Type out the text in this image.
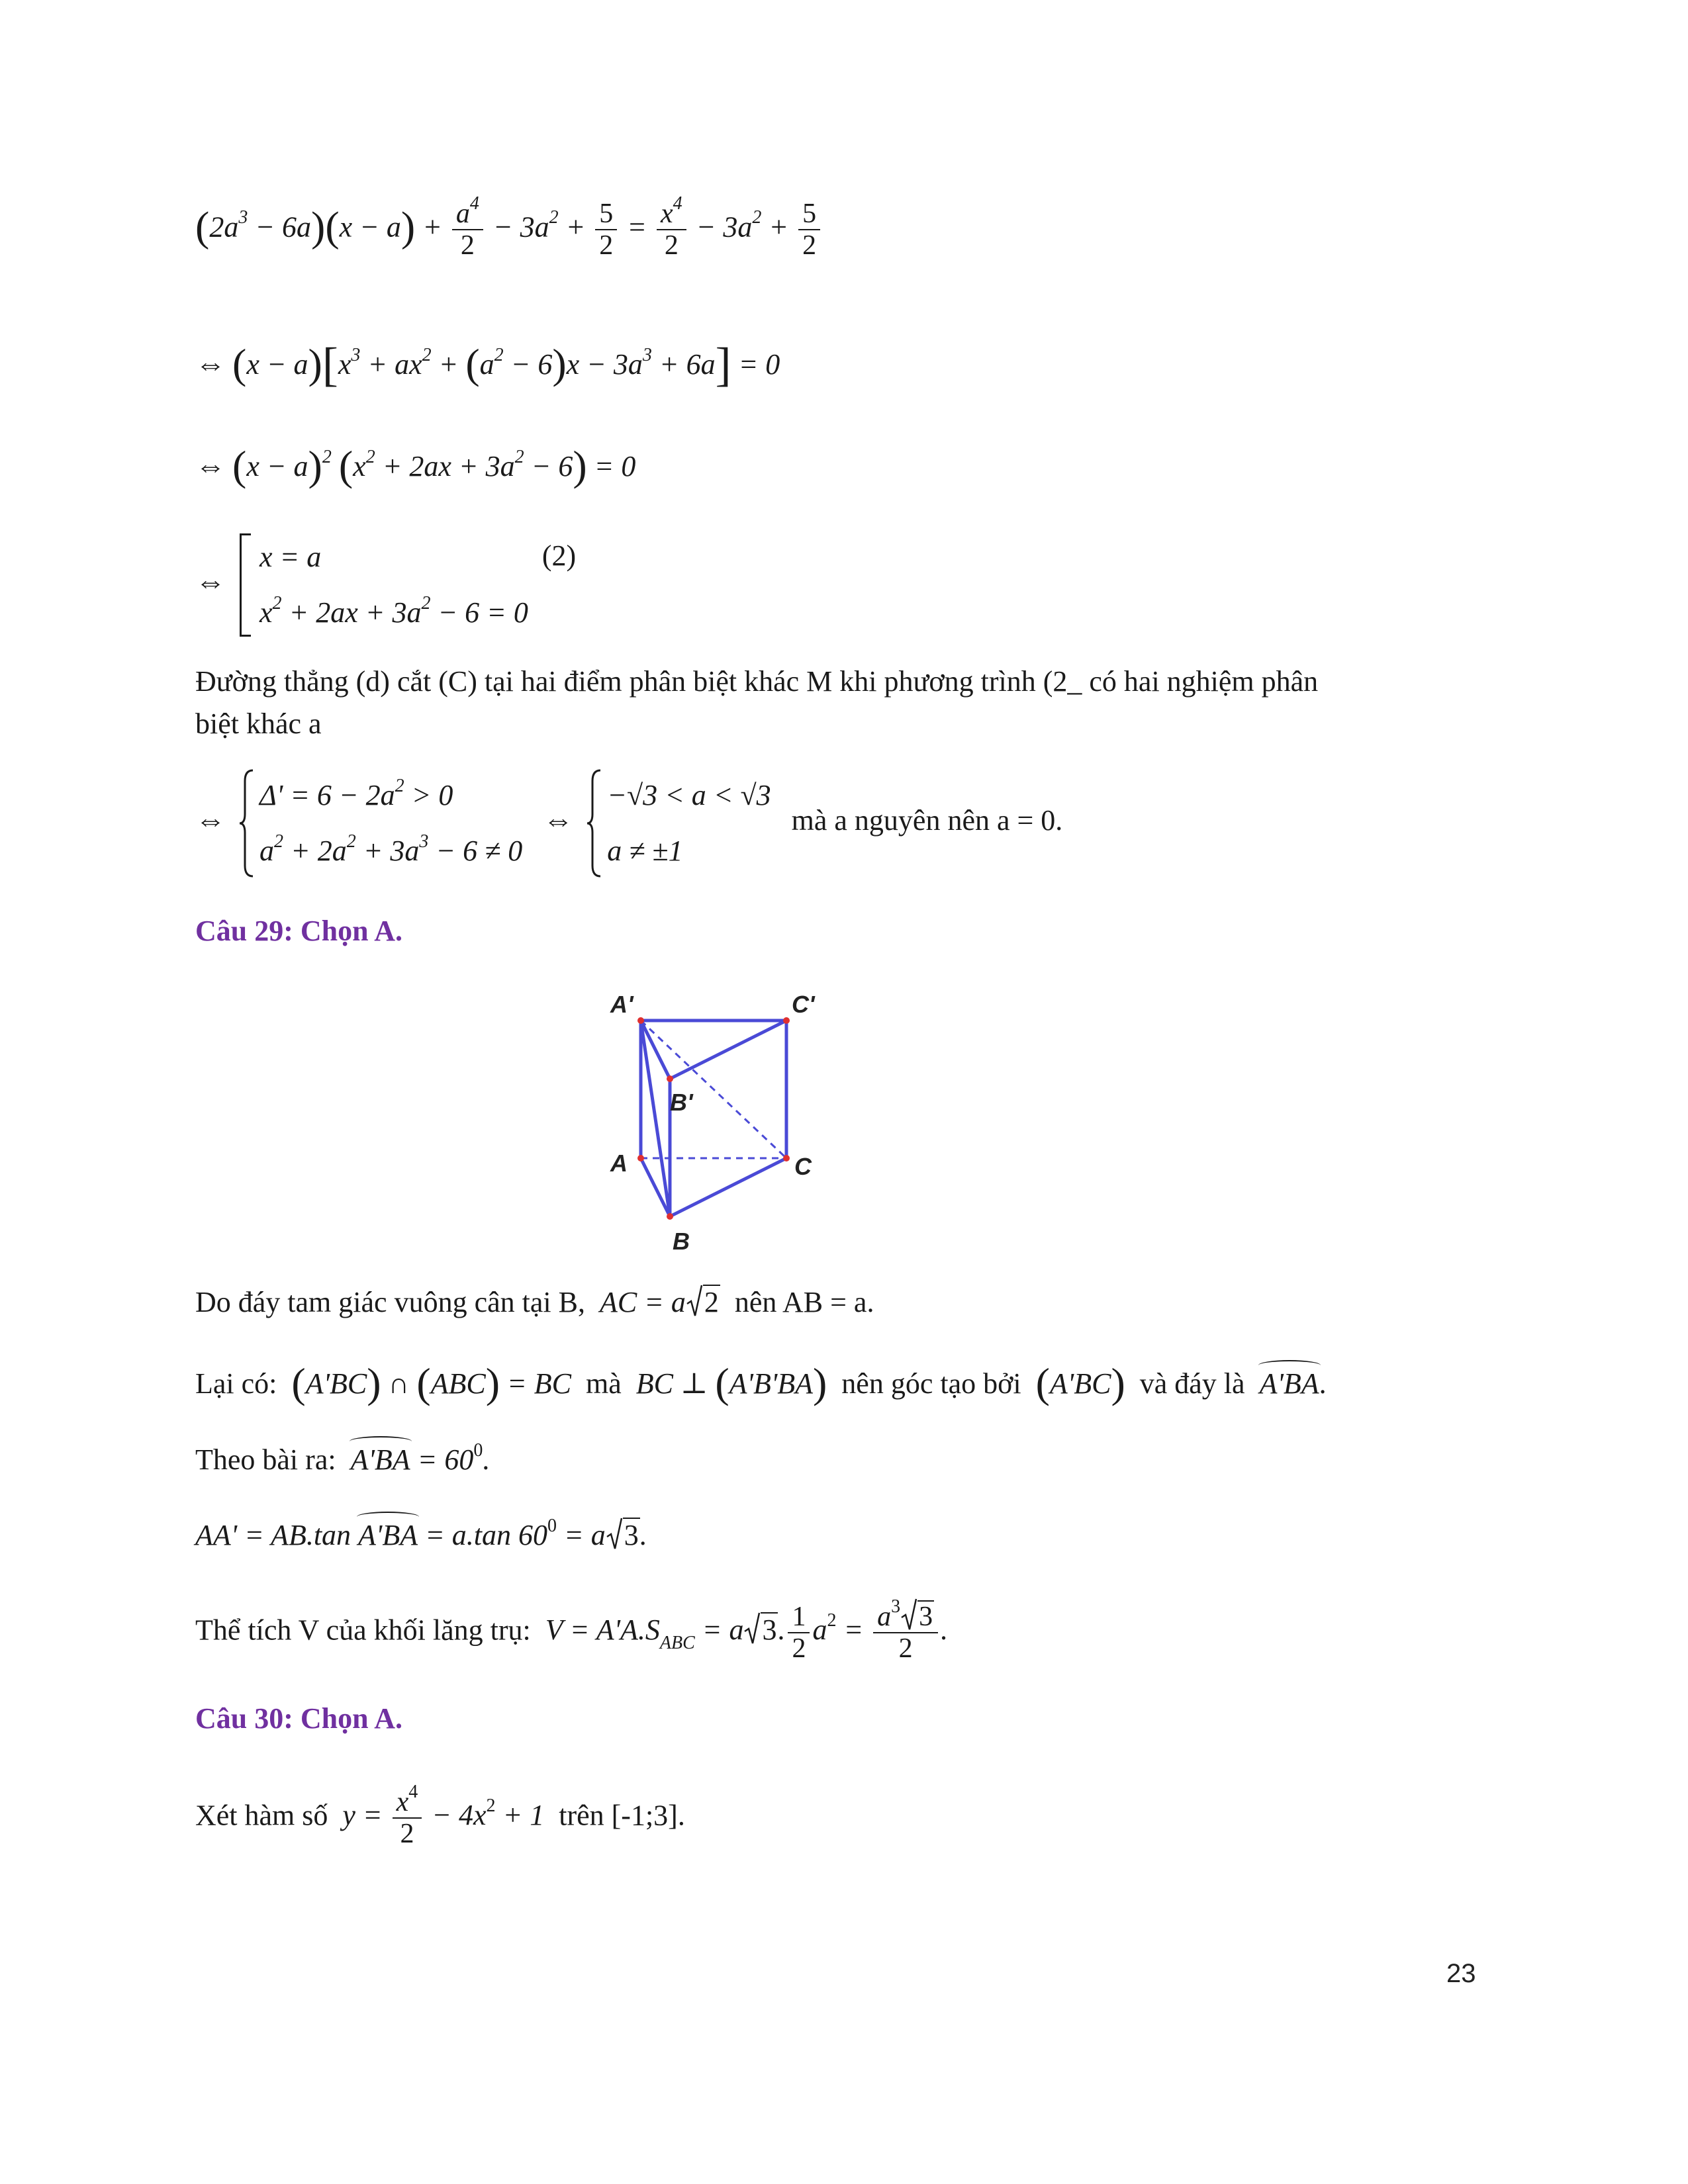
$(2a^3 - 6a)(x - a) + \frac{a^4}{2} - 3a^2 + \frac{5}{2} = \frac{x^4}{2} - 3a^2 + \frac{5}{2}$
⇔ $(x - a)[x^3 + ax^2 + (a^2 - 6)x - 3a^3 + 6a] = 0$
⇔ $(x - a)^2$ $(x^2 + 2ax + 3a^2 - 6) = 0$
⇔
x = a
$x^2 + 2ax + 3a^2 - 6 = 0$
(2)
Đường thẳng (d) cắt (C) tại hai điểm phân biệt khác M khi phương trình (2_ có hai nghiệm phân
biệt khác a
⇔
$\Delta' = 6 - 2a^2 > 0$
$a^2 + 2a^2 + 3a^3 - 6 \ne 0$
⇔
−√3 < a < √3
a ≠ ±1
mà a nguyên nên a = 0.
Câu 29: Chọn A.
A'	C'
B'
A	C
B
Do đáy tam giác vuông cân tại B, AC = a 2 nên AB = a.
Lại có: (A'BC) ∩ (ABC) = BC mà BC ⊥ (A'B'BA) nên góc tạo bởi (A'BC) và đáy là A'BA.
Theo bài ra: $A'BA = 60^0$.
AA' = AB.tan A'BA = a.tan $60^0 = a$ 3.
Thể tích V của khối lăng trụ: $V = A'A.S_{ABC} = a$ 3. $\frac{1}{2} a^2 = \frac{a^3 3}{2}$ .
Câu 30: Chọn A.
Xét hàm số $y = \frac{x^4}{2} - 4x^2 + 1$ trên [-1;3].
23
